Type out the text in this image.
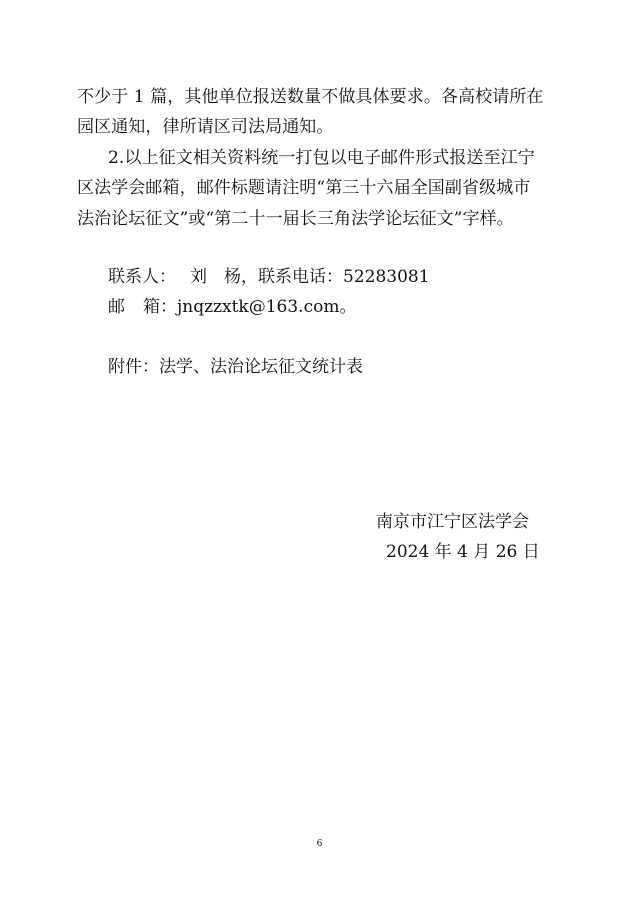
不少于 1 篇，其他单位报送数量不做具体要求。各高校请所在
园区通知，律所请区司法局通知。
2.以上征文相关资料统一打包以电子邮件形式报送至江宁
区法学会邮箱，邮件标题请注明“第三十六届全国副省级城市
法治论坛征文”或“第二十一届长三角法学论坛征文”字样。
联系人： 刘　杨，联系电话：52283081
邮 箱：jnqzzxtk@163.com。
附件：法学、法治论坛征文统计表
南京市江宁区法学会
2024 年 4 月 26 日
6
